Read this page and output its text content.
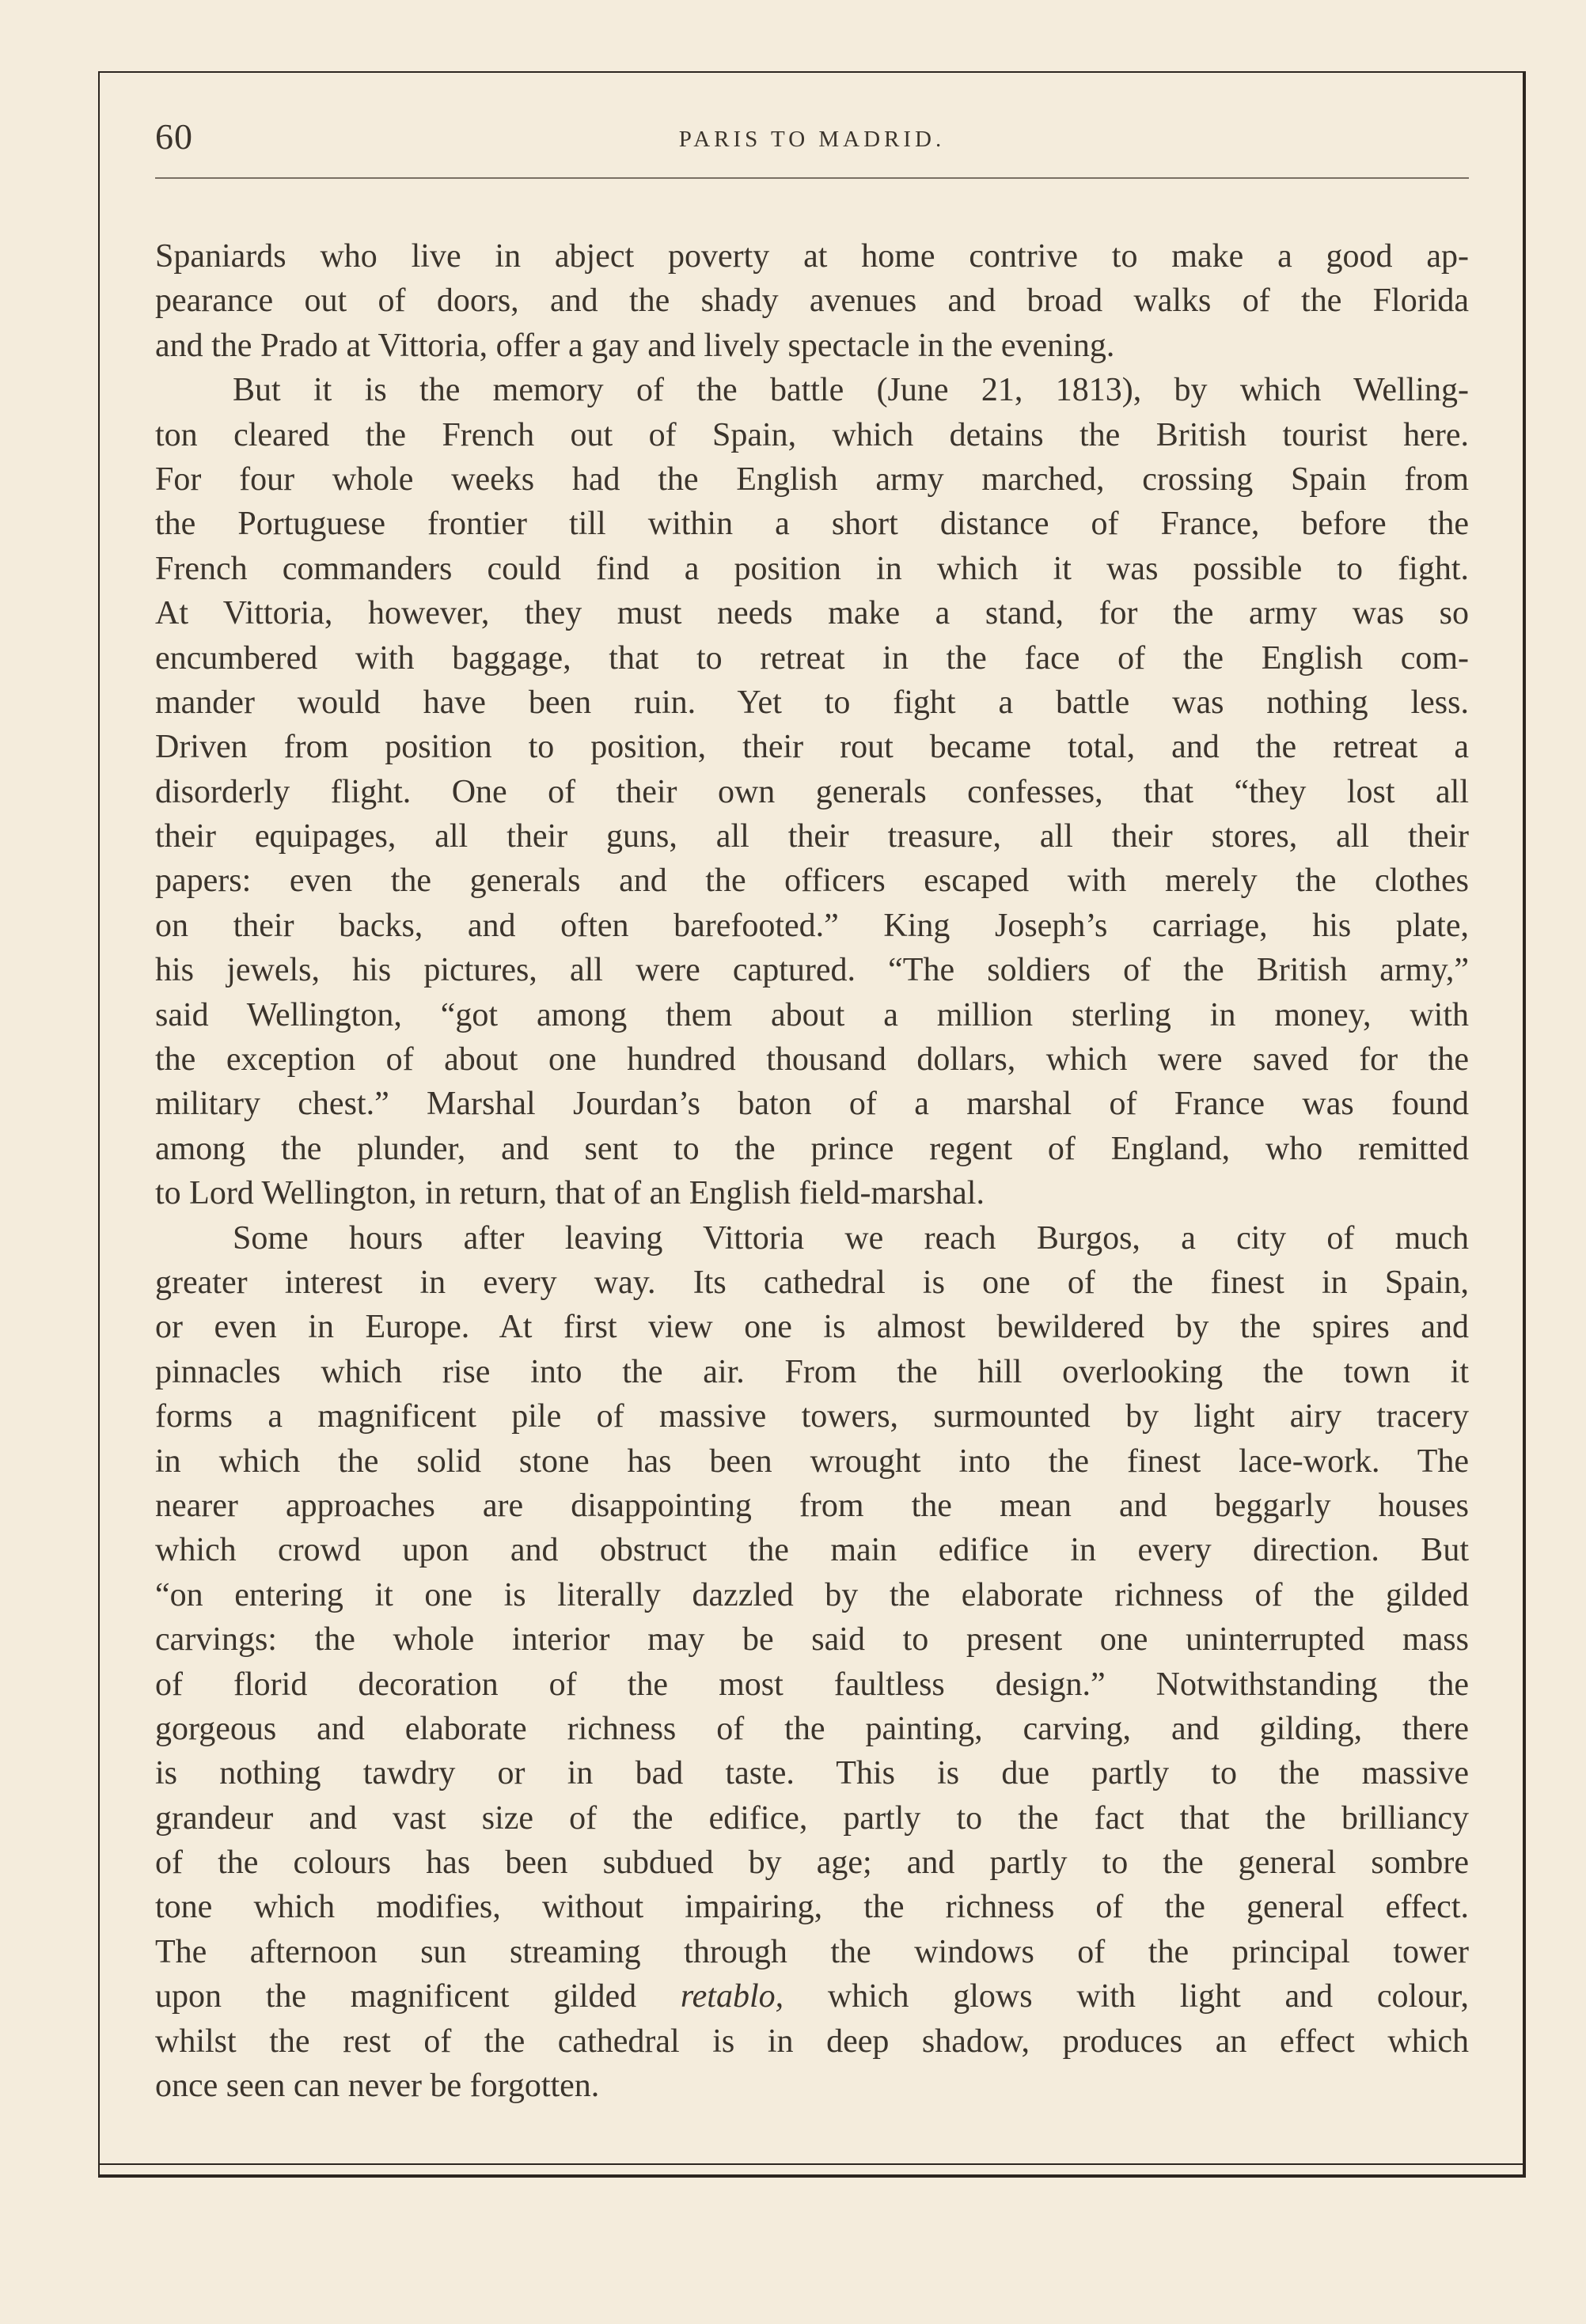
60	PARIS TO MADRID.
Spaniards who live in abject poverty at home contrive to make a good ap-
pearance out of doors, and the shady avenues and broad walks of the Florida
and the Prado at Vittoria, offer a gay and lively spectacle in the evening.
But it is the memory of the battle (June 21, 1813), by which Welling-
ton cleared the French out of Spain, which detains the British tourist here.
For four whole weeks had the English army marched, crossing Spain from
the Portuguese frontier till within a short distance of France, before the
French commanders could find a position in which it was possible to fight.
At Vittoria, however, they must needs make a stand, for the army was so
encumbered with baggage, that to retreat in the face of the English com-
mander would have been ruin. Yet to fight a battle was nothing less.
Driven from position to position, their rout became total, and the retreat a
disorderly flight. One of their own generals confesses, that “they lost all
their equipages, all their guns, all their treasure, all their stores, all their
papers: even the generals and the officers escaped with merely the clothes
on their backs, and often barefooted.” King Joseph’s carriage, his plate,
his jewels, his pictures, all were captured. “The soldiers of the British army,”
said Wellington, “got among them about a million sterling in money, with
the exception of about one hundred thousand dollars, which were saved for the
military chest.” Marshal Jourdan’s baton of a marshal of France was found
among the plunder, and sent to the prince regent of England, who remitted
to Lord Wellington, in return, that of an English field-marshal.
Some hours after leaving Vittoria we reach Burgos, a city of much
greater interest in every way. Its cathedral is one of the finest in Spain,
or even in Europe. At first view one is almost bewildered by the spires and
pinnacles which rise into the air. From the hill overlooking the town it
forms a magnificent pile of massive towers, surmounted by light airy tracery
in which the solid stone has been wrought into the finest lace-work. The
nearer approaches are disappointing from the mean and beggarly houses
which crowd upon and obstruct the main edifice in every direction. But
“on entering it one is literally dazzled by the elaborate richness of the gilded
carvings: the whole interior may be said to present one uninterrupted mass
of florid decoration of the most faultless design.” Notwithstanding the
gorgeous and elaborate richness of the painting, carving, and gilding, there
is nothing tawdry or in bad taste. This is due partly to the massive
grandeur and vast size of the edifice, partly to the fact that the brilliancy
of the colours has been subdued by age; and partly to the general sombre
tone which modifies, without impairing, the richness of the general effect.
The afternoon sun streaming through the windows of the principal tower
upon the magnificent gilded retablo, which glows with light and colour,
whilst the rest of the cathedral is in deep shadow, produces an effect which
once seen can never be forgotten.
